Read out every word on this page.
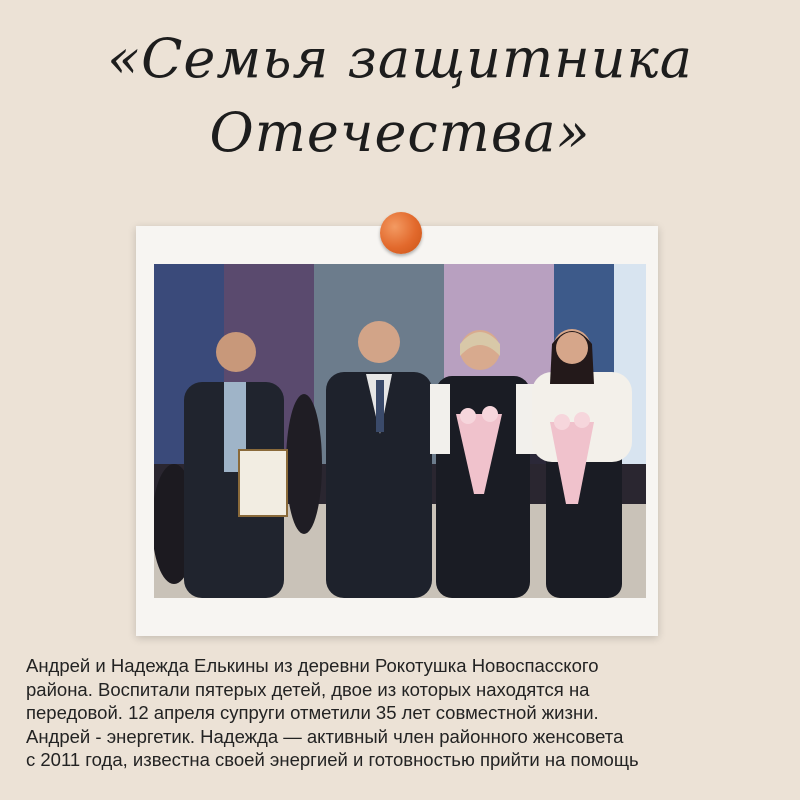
«Семья защитника
Отечества»

Андрей и Надежда Елькины из деревни Рокотушка Новоспасского
района. Воспитали пятерых детей, двое из которых находятся на
передовой. 12 апреля супруги отметили 35 лет совместной жизни.
Андрей - энергетик. Надежда — активный член районного женсовета
с 2011 года, известна своей энергией и готовностью прийти на помощь
